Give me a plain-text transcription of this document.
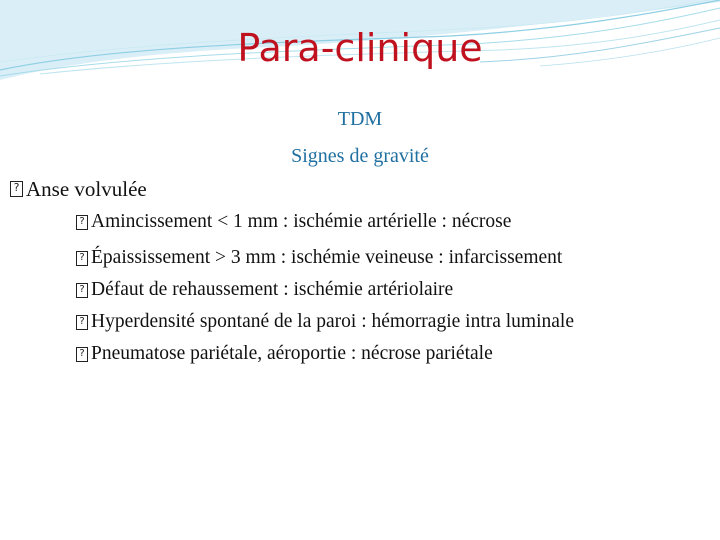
Para-clinique
TDM
Signes de gravité
?
Anse volvulée
?
Amincissement < 1 mm : ischémie artérielle : nécrose
?
Épaississement > 3 mm : ischémie veineuse : infarcissement
?
Défaut de rehaussement : ischémie artériolaire
?
Hyperdensité spontané de la paroi : hémorragie intra luminale
?
Pneumatose pariétale, aéroportie : nécrose pariétale
